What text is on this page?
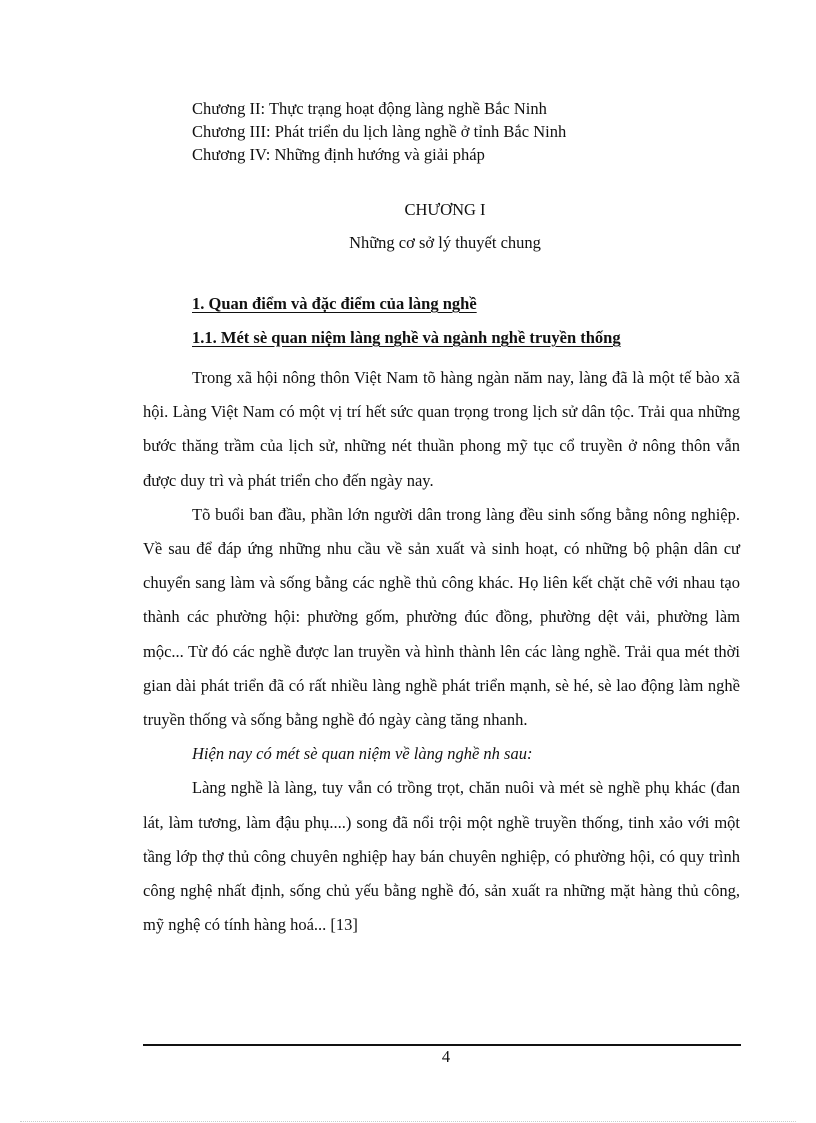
Chương II: Thực trạng hoạt động làng nghề Bắc Ninh
Chương III: Phát triển du lịch làng nghề ở tỉnh Bắc Ninh
Chương IV: Những định hướng và giải pháp
CHƯƠNG I
Những cơ sở lý thuyết chung
1. Quan điểm và đặc điểm của làng nghề
1.1. Mét sè quan niệm làng nghề và ngành nghề truyền thống

Trong xã hội nông thôn Việt Nam tõ hàng ngàn năm nay, làng đã là một tế bào xã hội. Làng Việt Nam có một vị trí hết sức quan trọng trong lịch sử dân tộc. Trải qua những bước thăng trầm của lịch sử, những nét thuần phong mỹ tục cổ truyền ở nông thôn vẫn được duy trì và phát triển cho đến ngày nay.

Tõ buổi ban đầu, phần lớn người dân trong làng đều sinh sống bằng nông nghiệp. Về sau để đáp ứng những nhu cầu về sản xuất và sinh hoạt, có những bộ phận dân cư chuyển sang làm và sống bằng các nghề thủ công khác. Họ liên kết chặt chẽ với nhau tạo thành các phường hội: phường gốm, phường đúc đồng, phường dệt vải, phường làm mộc... Từ đó các nghề được lan truyền và hình thành lên các làng nghề. Trải qua mét thời gian dài phát triển đã có rất nhiều làng nghề phát triển mạnh, sè hé, sè lao động làm nghề truyền thống và sống bằng nghề đó ngày càng tăng nhanh.

Hiện nay có mét sè quan niệm về làng nghề nh sau:

Làng nghề là làng, tuy vẫn có trồng trọt, chăn nuôi và mét sè nghề phụ khác (đan lát, làm tương, làm đậu phụ....) song đã nổi trội một nghề truyền thống, tinh xảo với một tầng lớp thợ thủ công chuyên nghiệp hay bán chuyên nghiệp, có phường hội, có quy trình công nghệ nhất định, sống chủ yếu bằng nghề đó, sản xuất ra những mặt hàng thủ công, mỹ nghệ có tính hàng hoá... [13]

4
